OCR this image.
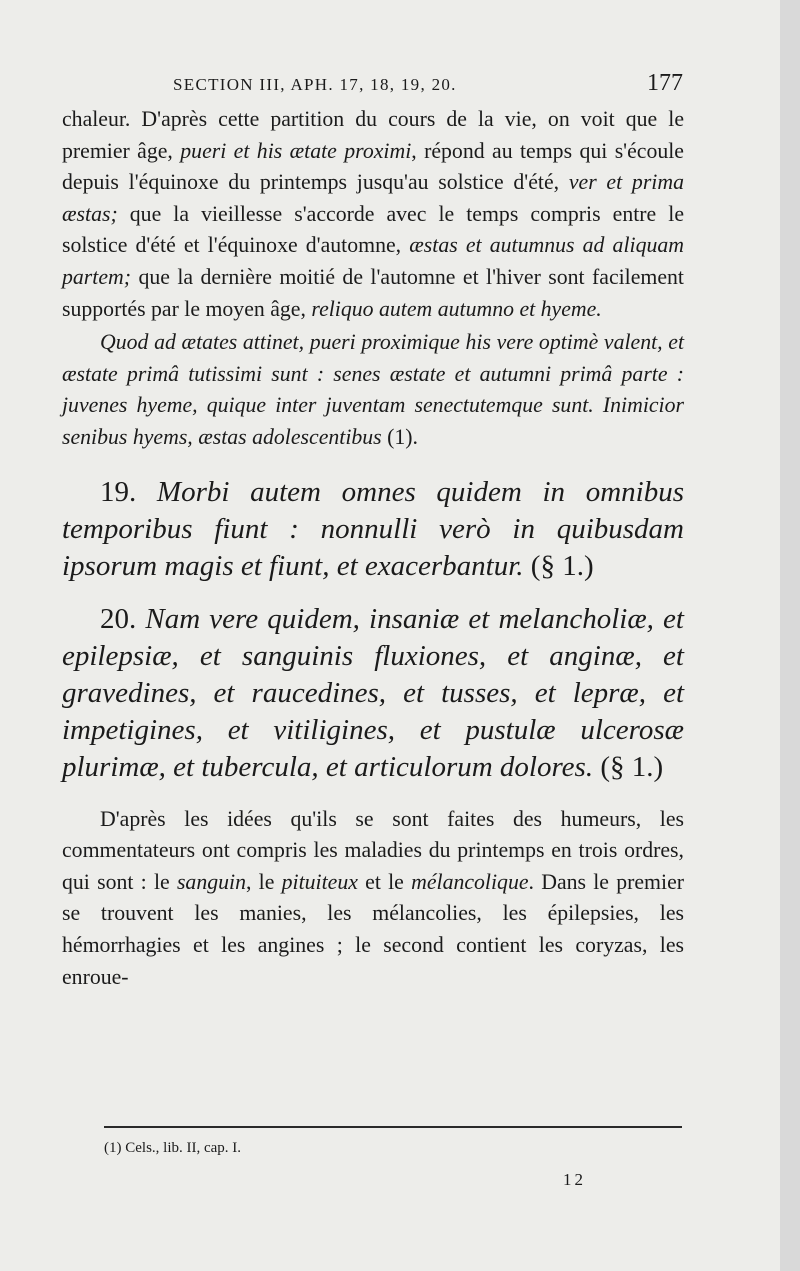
SECTION III, APH. 17, 18, 19, 20.	177

chaleur. D'après cette partition du cours de la vie, on voit que le premier âge, pueri et his ætate proximi, répond au temps qui s'écoule depuis l'équinoxe du printemps jusqu'au solstice d'été, ver et prima æstas; que la vieillesse s'accorde avec le temps compris entre le solstice d'été et l'équinoxe d'automne, æstas et autumnus ad aliquam partem; que la dernière moitié de l'automne et l'hiver sont facilement supportés par le moyen âge, reliquo autem autumno et hyeme.

Quod ad ætates attinet, pueri proximique his vere optimè valent, et æstate primâ tutissimi sunt : senes æstate et autumni primâ parte : juvenes hyeme, quique inter juventam senectutemque sunt. Inimicior senibus hyems, æstas adolescentibus (1).

19. Morbi autem omnes quidem in omnibus temporibus fiunt : nonnulli verò in quibusdam ipsorum magis et fiunt, et exacerbantur. (§ 1.)

20. Nam vere quidem, insaniæ et melancholiæ, et epilepsiæ, et sanguinis fluxiones, et anginæ, et gravedines, et raucedines, et tusses, et lepræ, et impetigines, et vitiligines, et pustulæ ulcerosæ plurimæ, et tubercula, et articulorum dolores. (§ 1.)

D'après les idées qu'ils se sont faites des humeurs, les commentateurs ont compris les maladies du printemps en trois ordres, qui sont : le sanguin, le pituiteux et le mélancolique. Dans le premier se trouvent les manies, les mélancolies, les épilepsies, les hémorrhagies et les angines ; le second contient les coryzas, les enroue-

(1) Cels., lib. II, cap. I.
12
